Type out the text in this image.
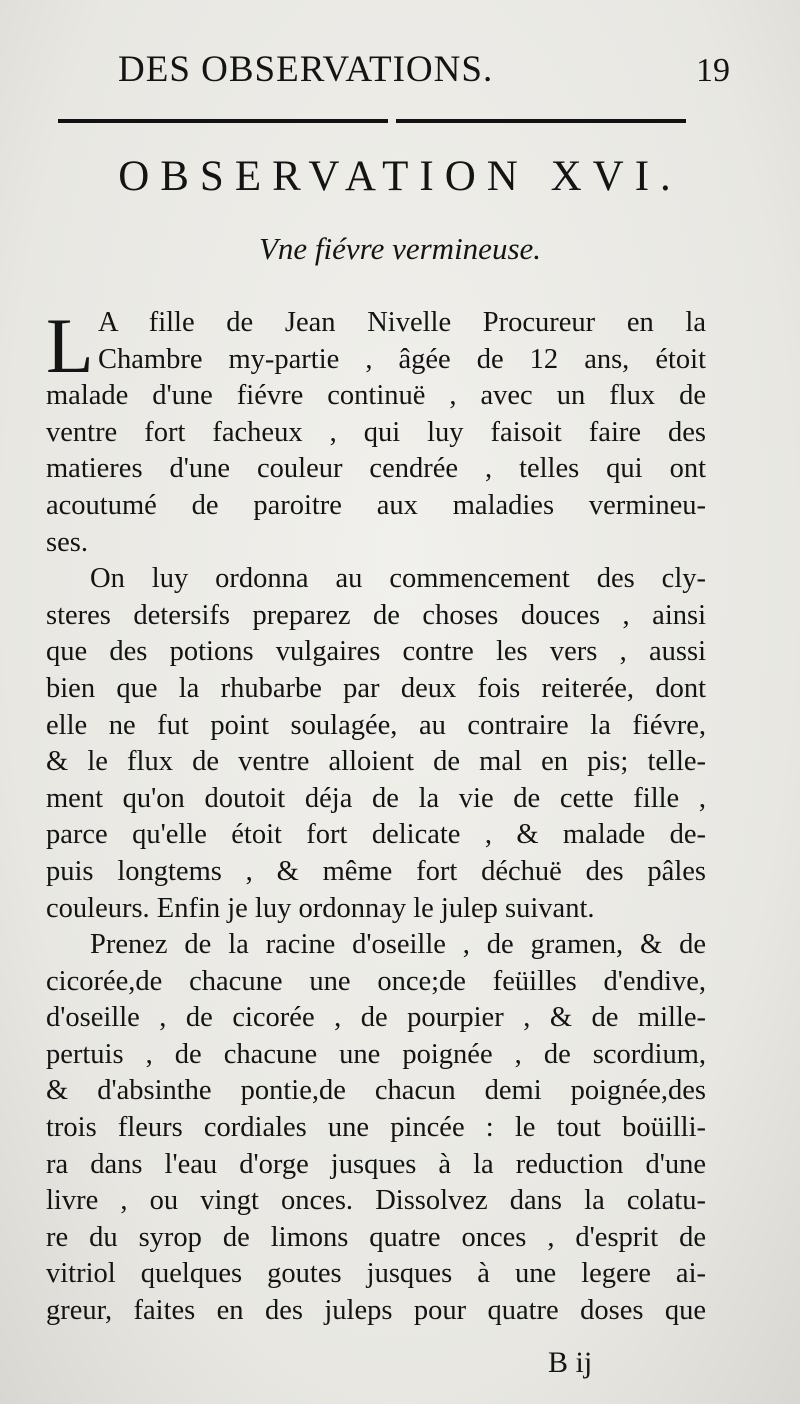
DES OBSERVATIONS.	19
OBSERVATION XVI.
Vne fiévre vermineuse.
L A fille de Jean Nivelle Procureur en la
Chambre my-partie , âgée de 12 ans, étoit
malade d'une fiévre continuë , avec un flux de
ventre fort facheux , qui luy faisoit faire des
matieres d'une couleur cendrée , telles qui ont
acoutumé de paroitre aux maladies vermineu-
ses.
On luy ordonna au commencement des cly-
steres detersifs preparez de choses douces , ainsi
que des potions vulgaires contre les vers , aussi
bien que la rhubarbe par deux fois reiterée, dont
elle ne fut point soulagée, au contraire la fiévre,
& le flux de ventre alloient de mal en pis; telle-
ment qu'on doutoit déja de la vie de cette fille ,
parce qu'elle étoit fort delicate , & malade de-
puis longtems , & même fort déchuë des pâles
couleurs. Enfin je luy ordonnay le julep suivant.
Prenez de la racine d'oseille , de gramen, & de
cicorée,de chacune une once;de feüilles d'endive,
d'oseille , de cicorée , de pourpier , & de mille-
pertuis , de chacune une poignée , de scordium,
& d'absinthe pontie,de chacun demi poignée,des
trois fleurs cordiales une pincée : le tout boüilli-
ra dans l'eau d'orge jusques à la reduction d'une
livre , ou vingt onces. Dissolvez dans la colatu-
re du syrop de limons quatre onces , d'esprit de
vitriol quelques goutes jusques à une legere ai-
greur, faites en des juleps pour quatre doses que
B ij
